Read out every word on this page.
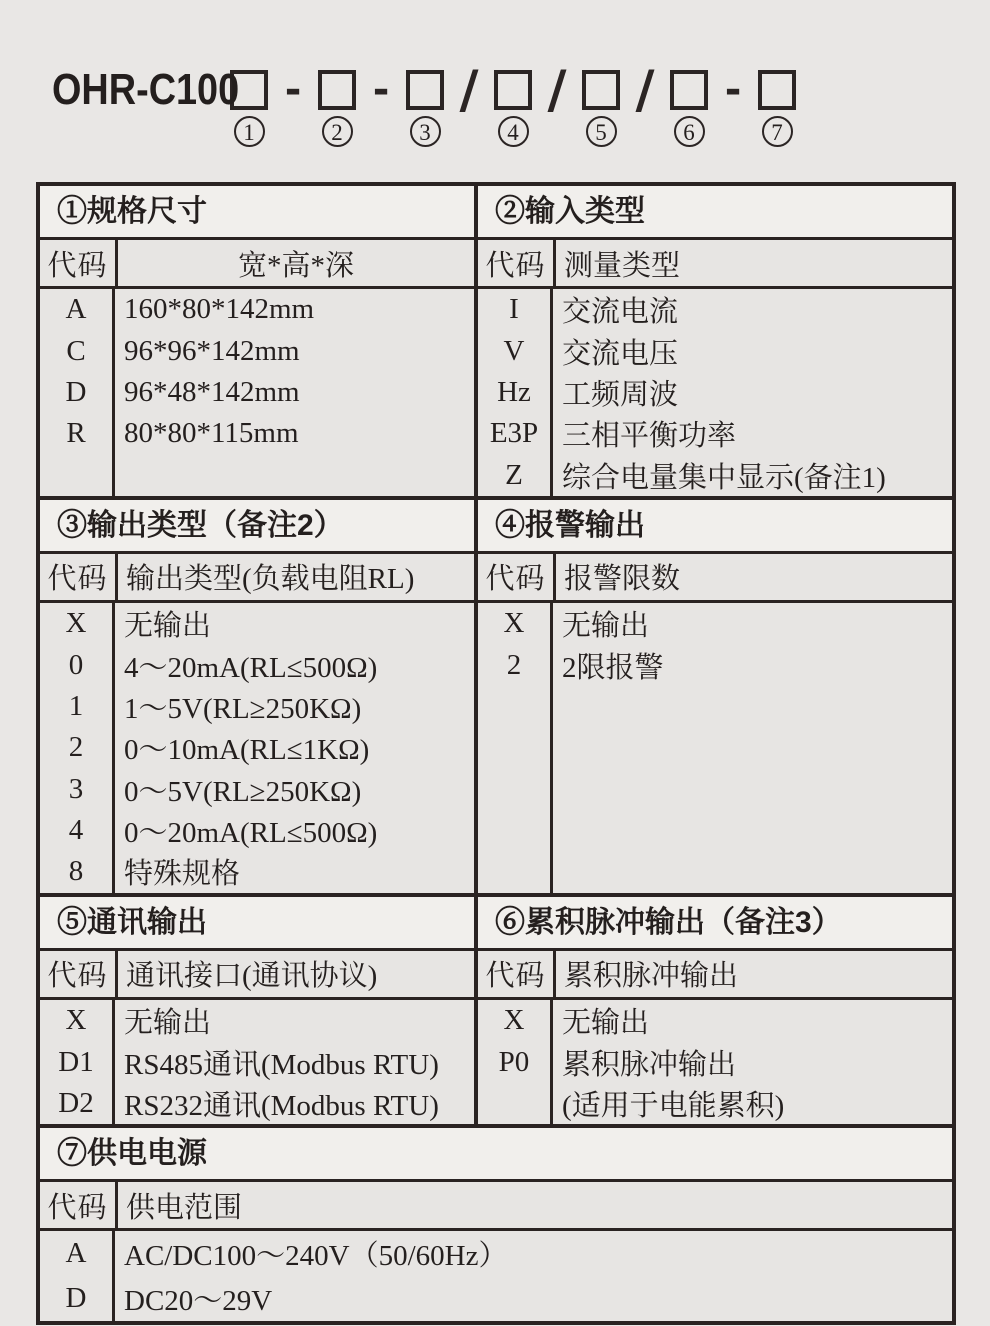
OHR-C100	-	-	/ / /	-
1	2	3	4	5	6	7
①规格尺寸
代码	宽*高*深
A	160*80*142mm
C	96*96*142mm
D	96*48*142mm
R	80*80*115mm
②输入类型
代码 测量类型
I	交流电流
V	交流电压
Hz	工频周波
E3P 三相平衡功率
Z	综合电量集中显示(备注1)
③输出类型（备注2）
代码 输出类型(负载电阻RL)
X	无输出
0	4～20mA(RL≤500Ω)
1	1～5V(RL≥250KΩ)
2	0～10mA(RL≤1KΩ)
3	0～5V(RL≥250KΩ)
4	0～20mA(RL≤500Ω)
8	特殊规格
④报警输出
代码 报警限数
X	无输出
2	2限报警
⑤通讯输出
代码 通讯接口(通讯协议)
X	无输出
D1	RS485通讯(Modbus RTU)
D2	RS232通讯(Modbus RTU)
⑥累积脉冲输出（备注3）
代码 累积脉冲输出
X	无输出
P0	累积脉冲输出
(适用于电能累积)
⑦供电电源
代码 供电范围
A	AC/DC100～240V（50/60Hz）
D	DC20～29V
